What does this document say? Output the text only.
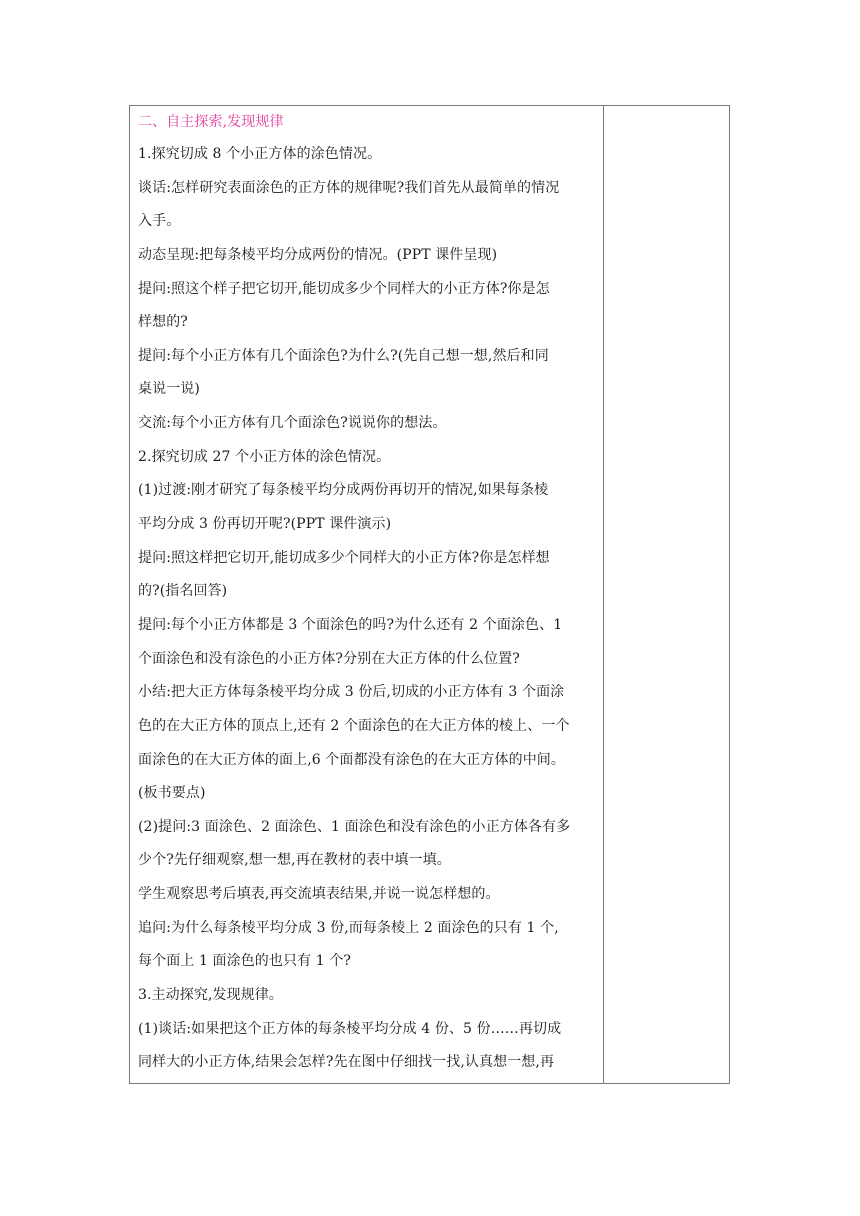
二、自主探索,发现规律
1.探究切成 8 个小正方体的涂色情况。
谈话:怎样研究表面涂色的正方体的规律呢?我们首先从最简单的情况
入手。
动态呈现:把每条棱平均分成两份的情况。(PPT 课件呈现)
提问:照这个样子把它切开,能切成多少个同样大的小正方体?你是怎
样想的?
提问:每个小正方体有几个面涂色?为什么?(先自己想一想,然后和同
桌说一说)
交流:每个小正方体有几个面涂色?说说你的想法。
2.探究切成 27 个小正方体的涂色情况。
(1)过渡:刚才研究了每条棱平均分成两份再切开的情况,如果每条棱
平均分成 3 份再切开呢?(PPT 课件演示)
提问:照这样把它切开,能切成多少个同样大的小正方体?你是怎样想
的?(指名回答)
提问:每个小正方体都是 3 个面涂色的吗?为什么还有 2 个面涂色、1
个面涂色和没有涂色的小正方体?分别在大正方体的什么位置?
小结:把大正方体每条棱平均分成 3 份后,切成的小正方体有 3 个面涂
色的在大正方体的顶点上,还有 2 个面涂色的在大正方体的棱上、一个
面涂色的在大正方体的面上,6 个面都没有涂色的在大正方体的中间。
(板书要点)
(2)提问:3 面涂色、2 面涂色、1 面涂色和没有涂色的小正方体各有多
少个?先仔细观察,想一想,再在教材的表中填一填。
学生观察思考后填表,再交流填表结果,并说一说怎样想的。
追问:为什么每条棱平均分成 3 份,而每条棱上 2 面涂色的只有 1 个,
每个面上 1 面涂色的也只有 1 个?
3.主动探究,发现规律。
(1)谈话:如果把这个正方体的每条棱平均分成 4 份、5 份……再切成
同样大的小正方体,结果会怎样?先在图中仔细找一找,认真想一想,再
